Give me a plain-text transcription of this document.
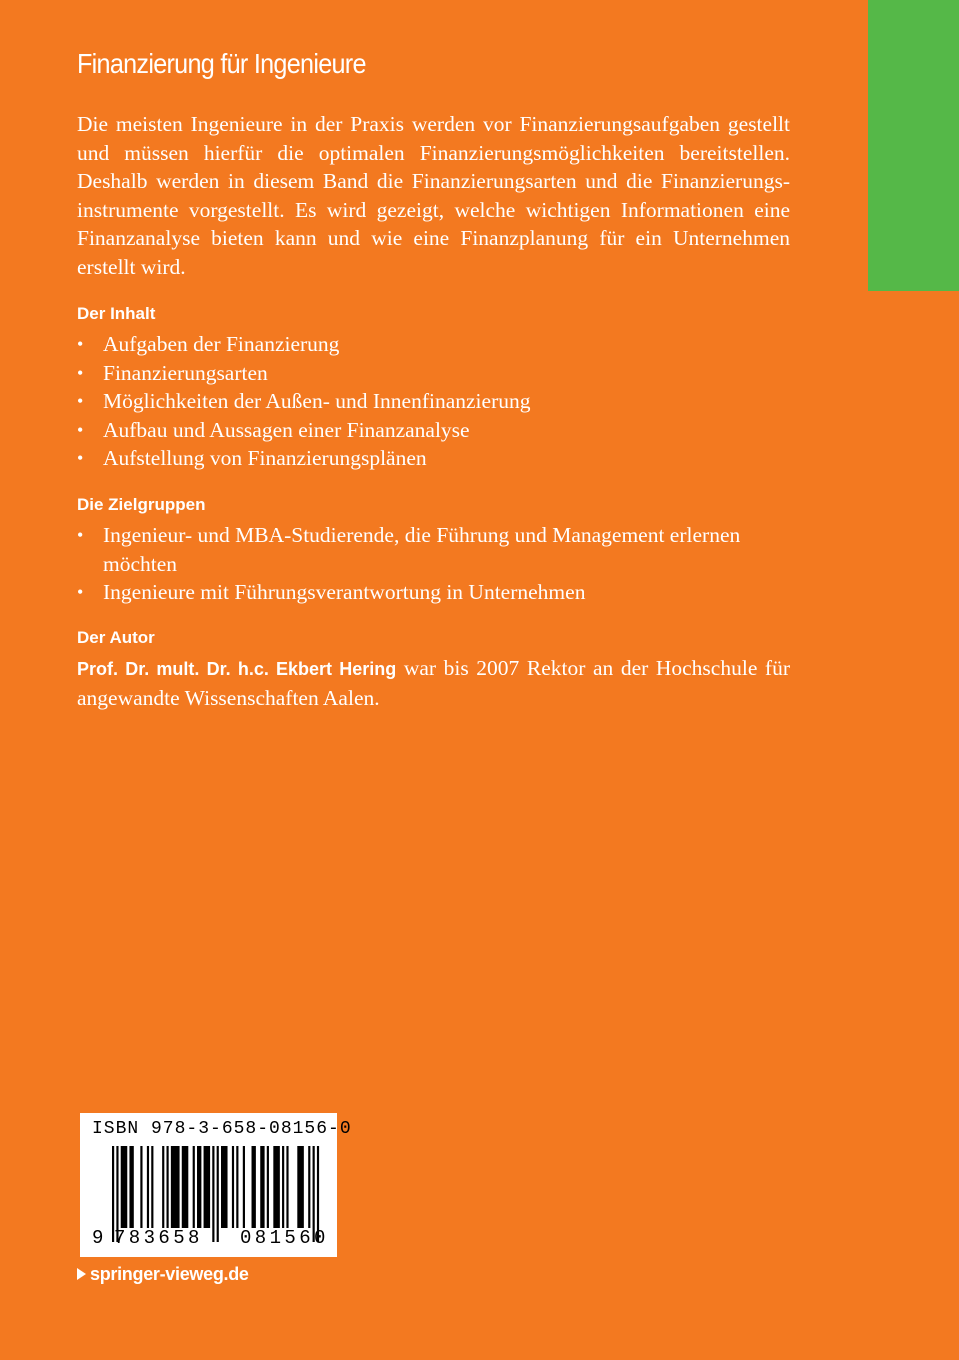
Finanzierung für Ingenieure
Die meisten Ingenieure in der Praxis werden vor Finanzierungsaufgaben gestellt und müssen hierfür die optimalen Finanzierungsmöglichkeiten bereitstellen. Deshalb werden in diesem Band die Finanzierungsarten und die Finanzierungsinstrumente vorgestellt. Es wird gezeigt, welche wichtigen Informationen eine Finanzanalyse bieten kann und wie eine Finanzplanung für ein Unternehmen erstellt wird.
Der Inhalt
• Aufgaben der Finanzierung
• Finanzierungsarten
• Möglichkeiten der Außen- und Innenfinanzierung
• Aufbau und Aussagen einer Finanzanalyse
• Aufstellung von Finanzierungsplänen
Die Zielgruppen
• Ingenieur- und MBA-Studierende, die Führung und Management erlernen möchten
• Ingenieure mit Führungsverantwortung in Unternehmen
Der Autor
Prof. Dr. mult. Dr. h.c. Ekbert Hering war bis 2007 Rektor an der Hochschule für angewandte Wissenschaften Aalen.
ISBN 978-3-658-08156-0
9 783658 081560
springer-vieweg.de
